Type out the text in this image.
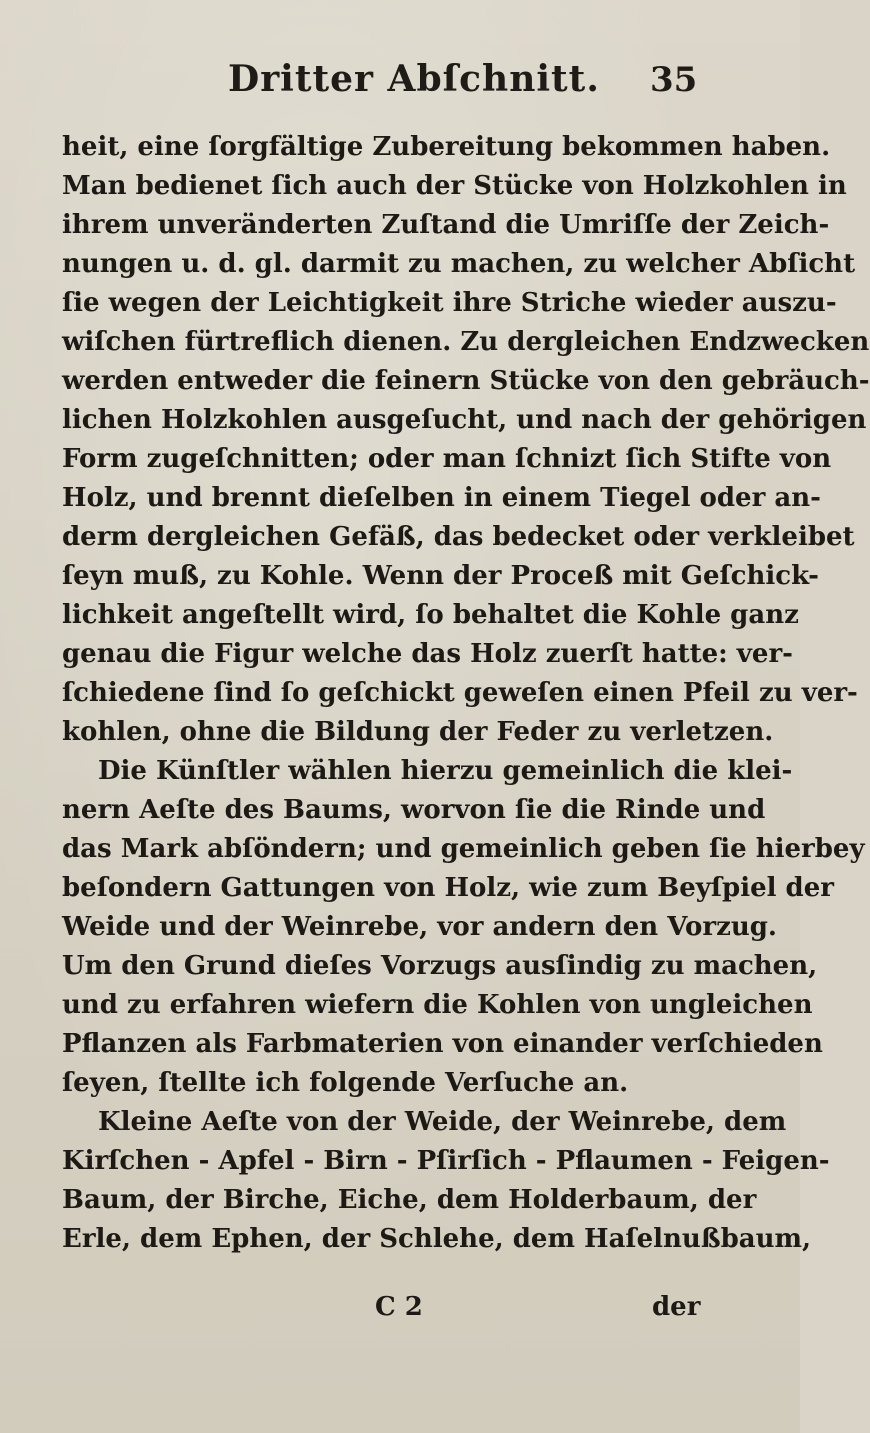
Dritter Abſchnitt. 35
heit, eine ſorgfältige Zubereitung bekommen haben.
Man bedienet ſich auch der Stücke von Holzkohlen in
ihrem unveränderten Zuſtand die Umriſſe der Zeich-
nungen u. d. gl. darmit zu machen, zu welcher Abſicht
ſie wegen der Leichtigkeit ihre Striche wieder auszu-
wiſchen fürtreflich dienen. Zu dergleichen Endzwecken
werden entweder die feinern Stücke von den gebräuch-
lichen Holzkohlen ausgeſucht, und nach der gehörigen
Form zugeſchnitten; oder man ſchnizt ſich Stifte von
Holz, und brennt dieſelben in einem Tiegel oder an-
derm dergleichen Gefäß, das bedecket oder verkleibet
ſeyn muß, zu Kohle. Wenn der Proceß mit Geſchick-
lichkeit angeſtellt wird, ſo behaltet die Kohle ganz
genau die Figur welche das Holz zuerſt hatte: ver-
ſchiedene ſind ſo geſchickt geweſen einen Pfeil zu ver-
kohlen, ohne die Bildung der Feder zu verletzen.
Die Künſtler wählen hierzu gemeinlich die klei-
nern Aeſte des Baums, worvon ſie die Rinde und
das Mark abſöndern; und gemeinlich geben ſie hierbey
beſondern Gattungen von Holz, wie zum Beyſpiel der
Weide und der Weinrebe, vor andern den Vorzug.
Um den Grund dieſes Vorzugs ausſindig zu machen,
und zu erfahren wiefern die Kohlen von ungleichen
Pflanzen als Farbmaterien von einander verſchieden
ſeyen, ſtellte ich folgende Verſuche an.
Kleine Aeſte von der Weide, der Weinrebe, dem
Kirſchen - Apfel - Birn - Pſirſich - Pflaumen - Feigen-
Baum, der Birche, Eiche, dem Holderbaum, der
Erle, dem Ephen, der Schlehe, dem Haſelnußbaum,
C 2	der
